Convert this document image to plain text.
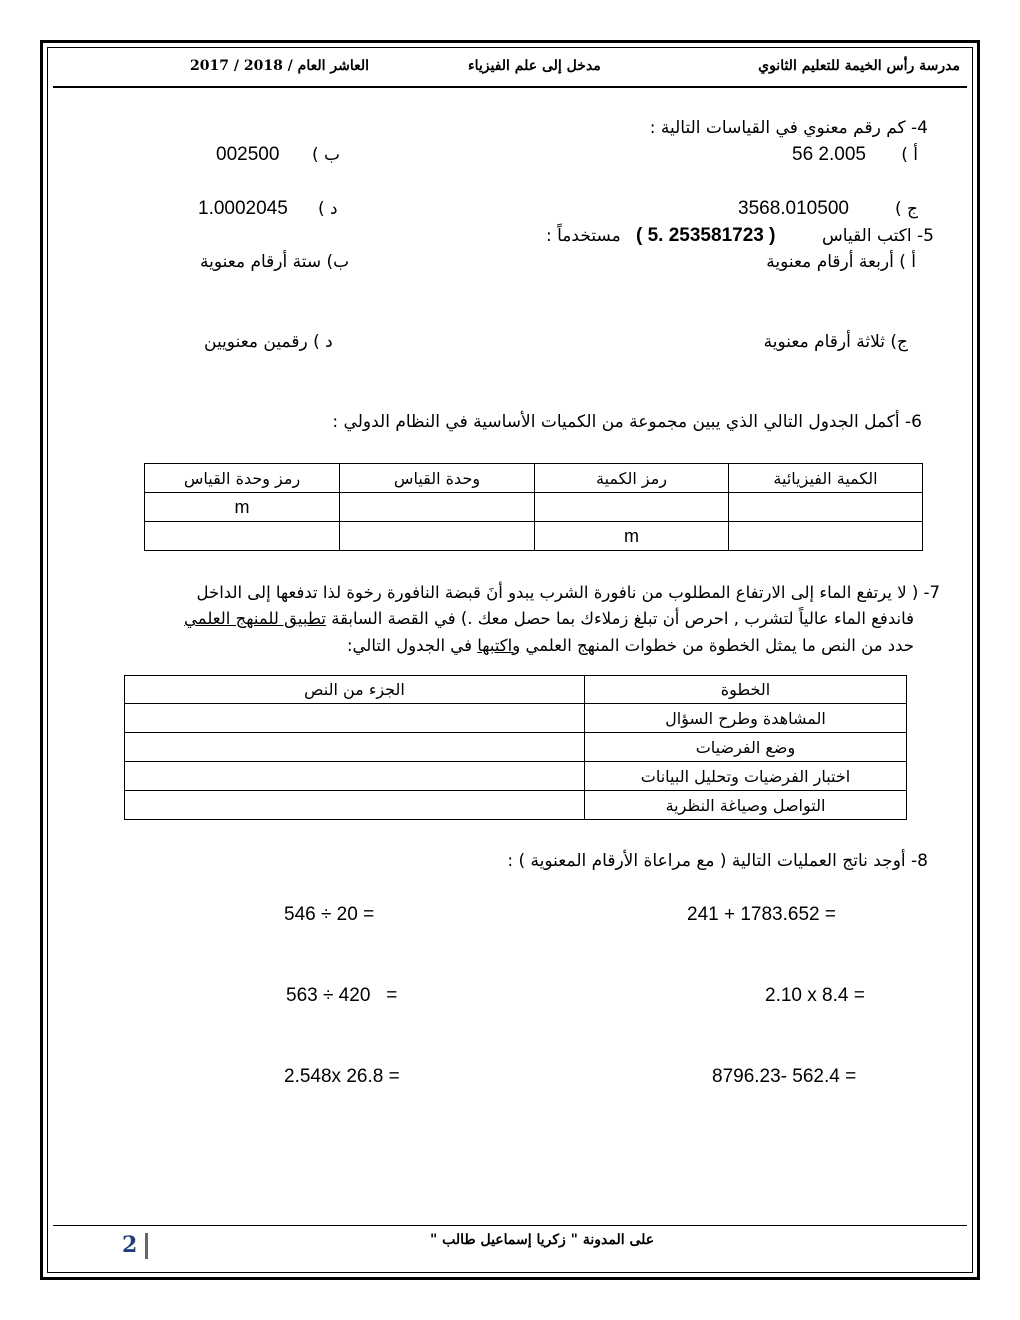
مدرسة رأس الخيمة للتعليم الثانوي
مدخل إلى علم الفيزياء
العاشر العام / 2018 / 2017
4- كم رقم معنوي في القياسات التالية :
أ )
56 2.005
ب )
002500
ج )
3568.010500
د )
1.0002045
5- اكتب القياس
( 5. 253581723 )
مستخدماً :
أ ) أربعة أرقام معنوية
ب) ستة أرقام معنوية
ج) ثلاثة أرقام معنوية
د ) رقمين معنويين
6- أكمل الجدول التالي الذي يبين مجموعة من الكميات الأساسية في النظام الدولي :
الكمية الفيزيائية	رمز الكمية	وحدة القياس	رمز وحدة القياس
			m
	m		
7- ( لا يرتفع الماء إلى الارتفاع المطلوب من نافورة الشرب يبدو أنَ قبضة النافورة رخوة لذا تدفعها إلى الداخل
فاندفع الماء عالياً لتشرب , احرص أن تبلغ زملاءك بما حصل معك .) في القصة السابقة تطبيق للمنهج العلمي
حدد من النص ما يمثل الخطوة من خطوات المنهج العلمي واكتبها في الجدول التالي:
الخطوة	الجزء من النص
المشاهدة وطرح السؤال	
وضع الفرضيات	
اختبار الفرضيات وتحليل البيانات	
التواصل وصياغة النظرية	
8- أوجد ناتج العمليات التالية ( مع مراعاة الأرقام المعنوية ) :
241 + 1783.652 =
546 ÷ 20 =
2.10 x 8.4 =
563 ÷ 420   =
8796.23- 562.4 =
2.548x 26.8 =
على المدونة " زكريا إسماعيل طالب "
2
